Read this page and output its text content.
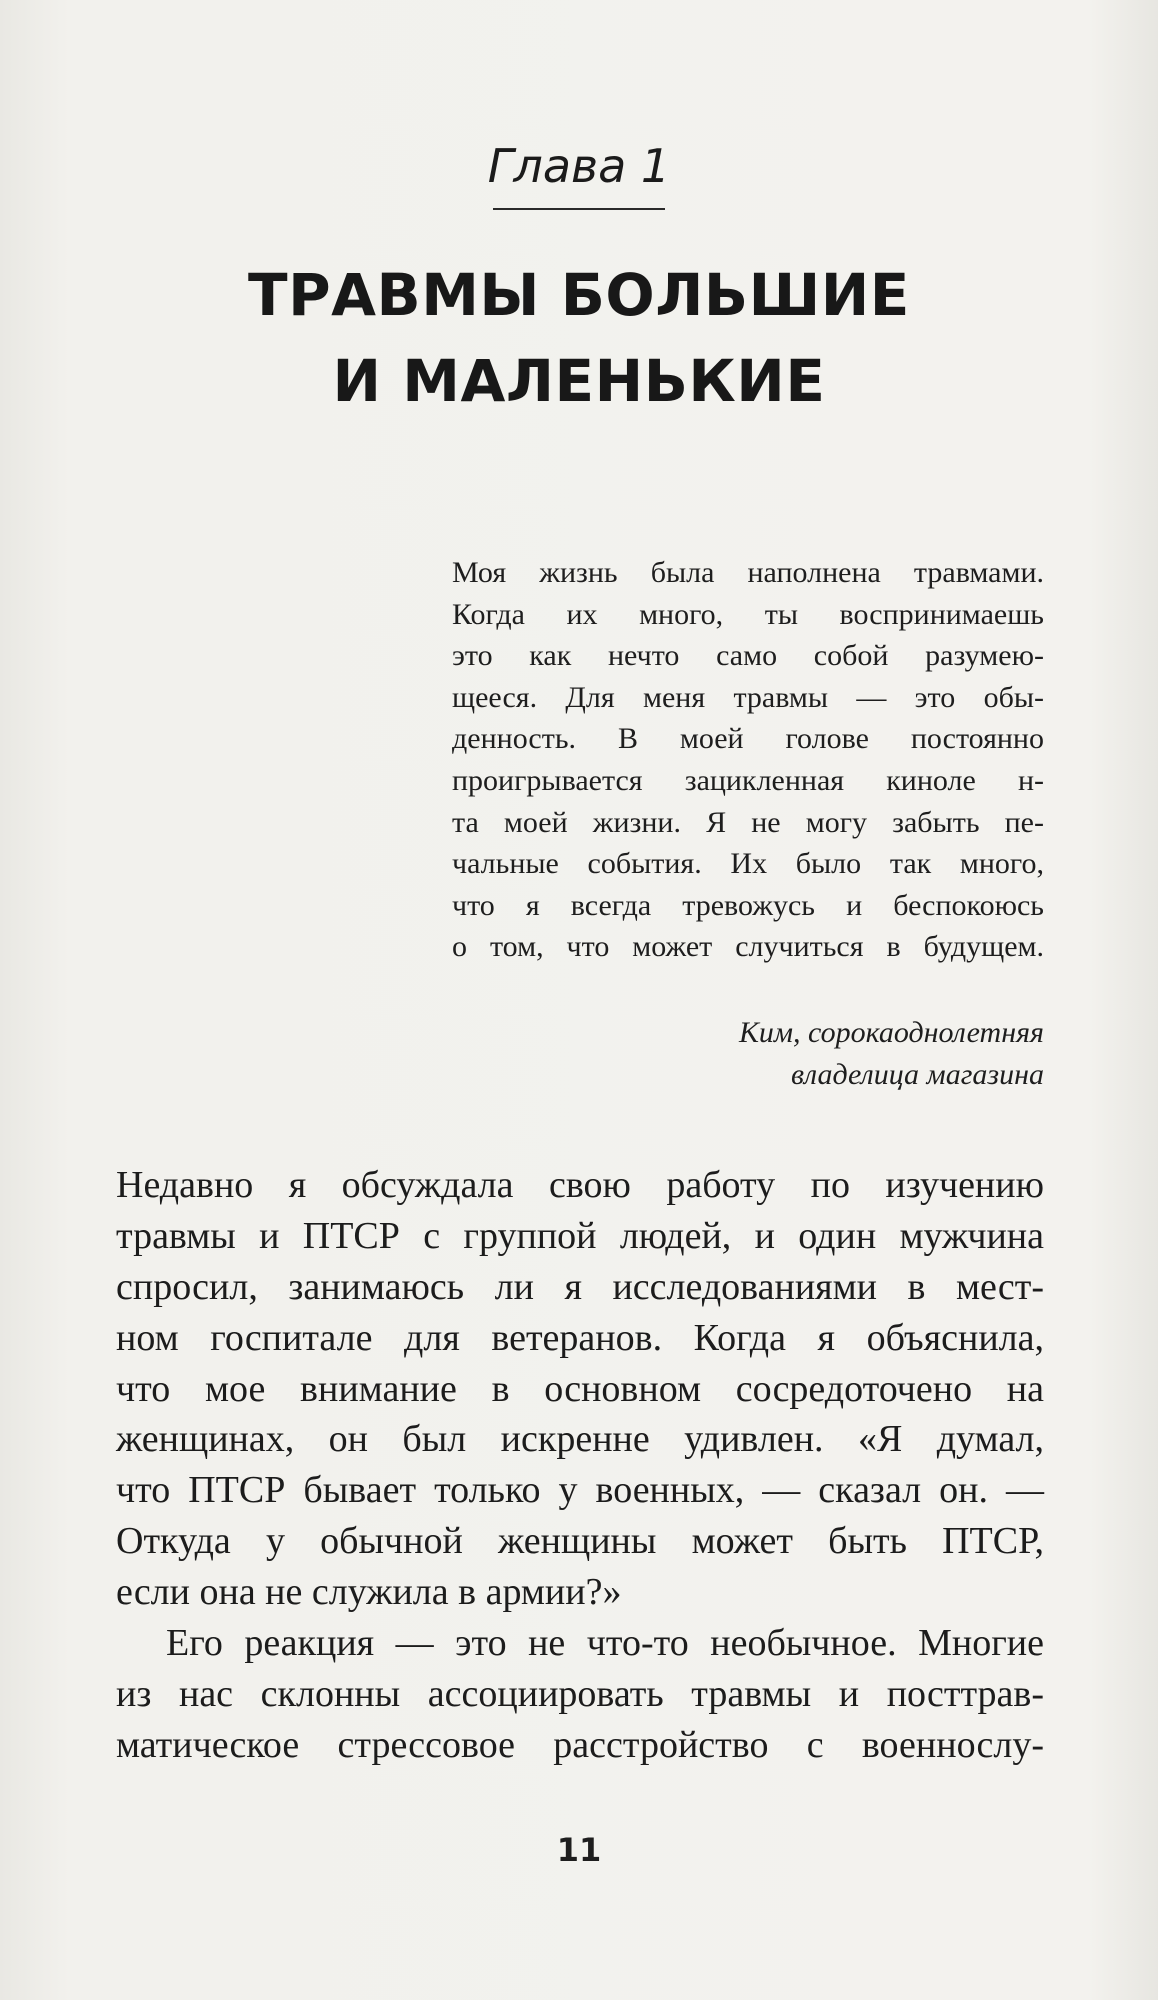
Глава 1
ТРАВМЫ БОЛЬШИЕ
И МАЛЕНЬКИЕ
Моя жизнь была наполнена травмами.
Когда их много, ты воспринимаешь
это как нечто само собой разумею-
щееся. Для меня травмы — это обы-
денность. В моей голове постоянно
проигрывается зацикленная киноле н-
та моей жизни. Я не могу забыть пе-
чальные события. Их было так много,
что я всегда тревожусь и беспокоюсь
о том, что может случиться в будущем.
Ким, сорокаоднолетняя
владелица магазина
Недавно я обсуждала свою работу по изучению
травмы и ПТСР с группой людей, и один мужчина
спросил, занимаюсь ли я исследованиями в мест-
ном госпитале для ветеранов. Когда я объяснила,
что мое внимание в основном сосредоточено на
женщинах, он был искренне удивлен. «Я думал,
что ПТСР бывает только у военных, — сказал он. —
Откуда у обычной женщины может быть ПТСР,
если она не служила в армии?»
Его реакция — это не что-то необычное. Многие
из нас склонны ассоциировать травмы и посттрав-
матическое стрессовое расстройство с военнослу-
11
